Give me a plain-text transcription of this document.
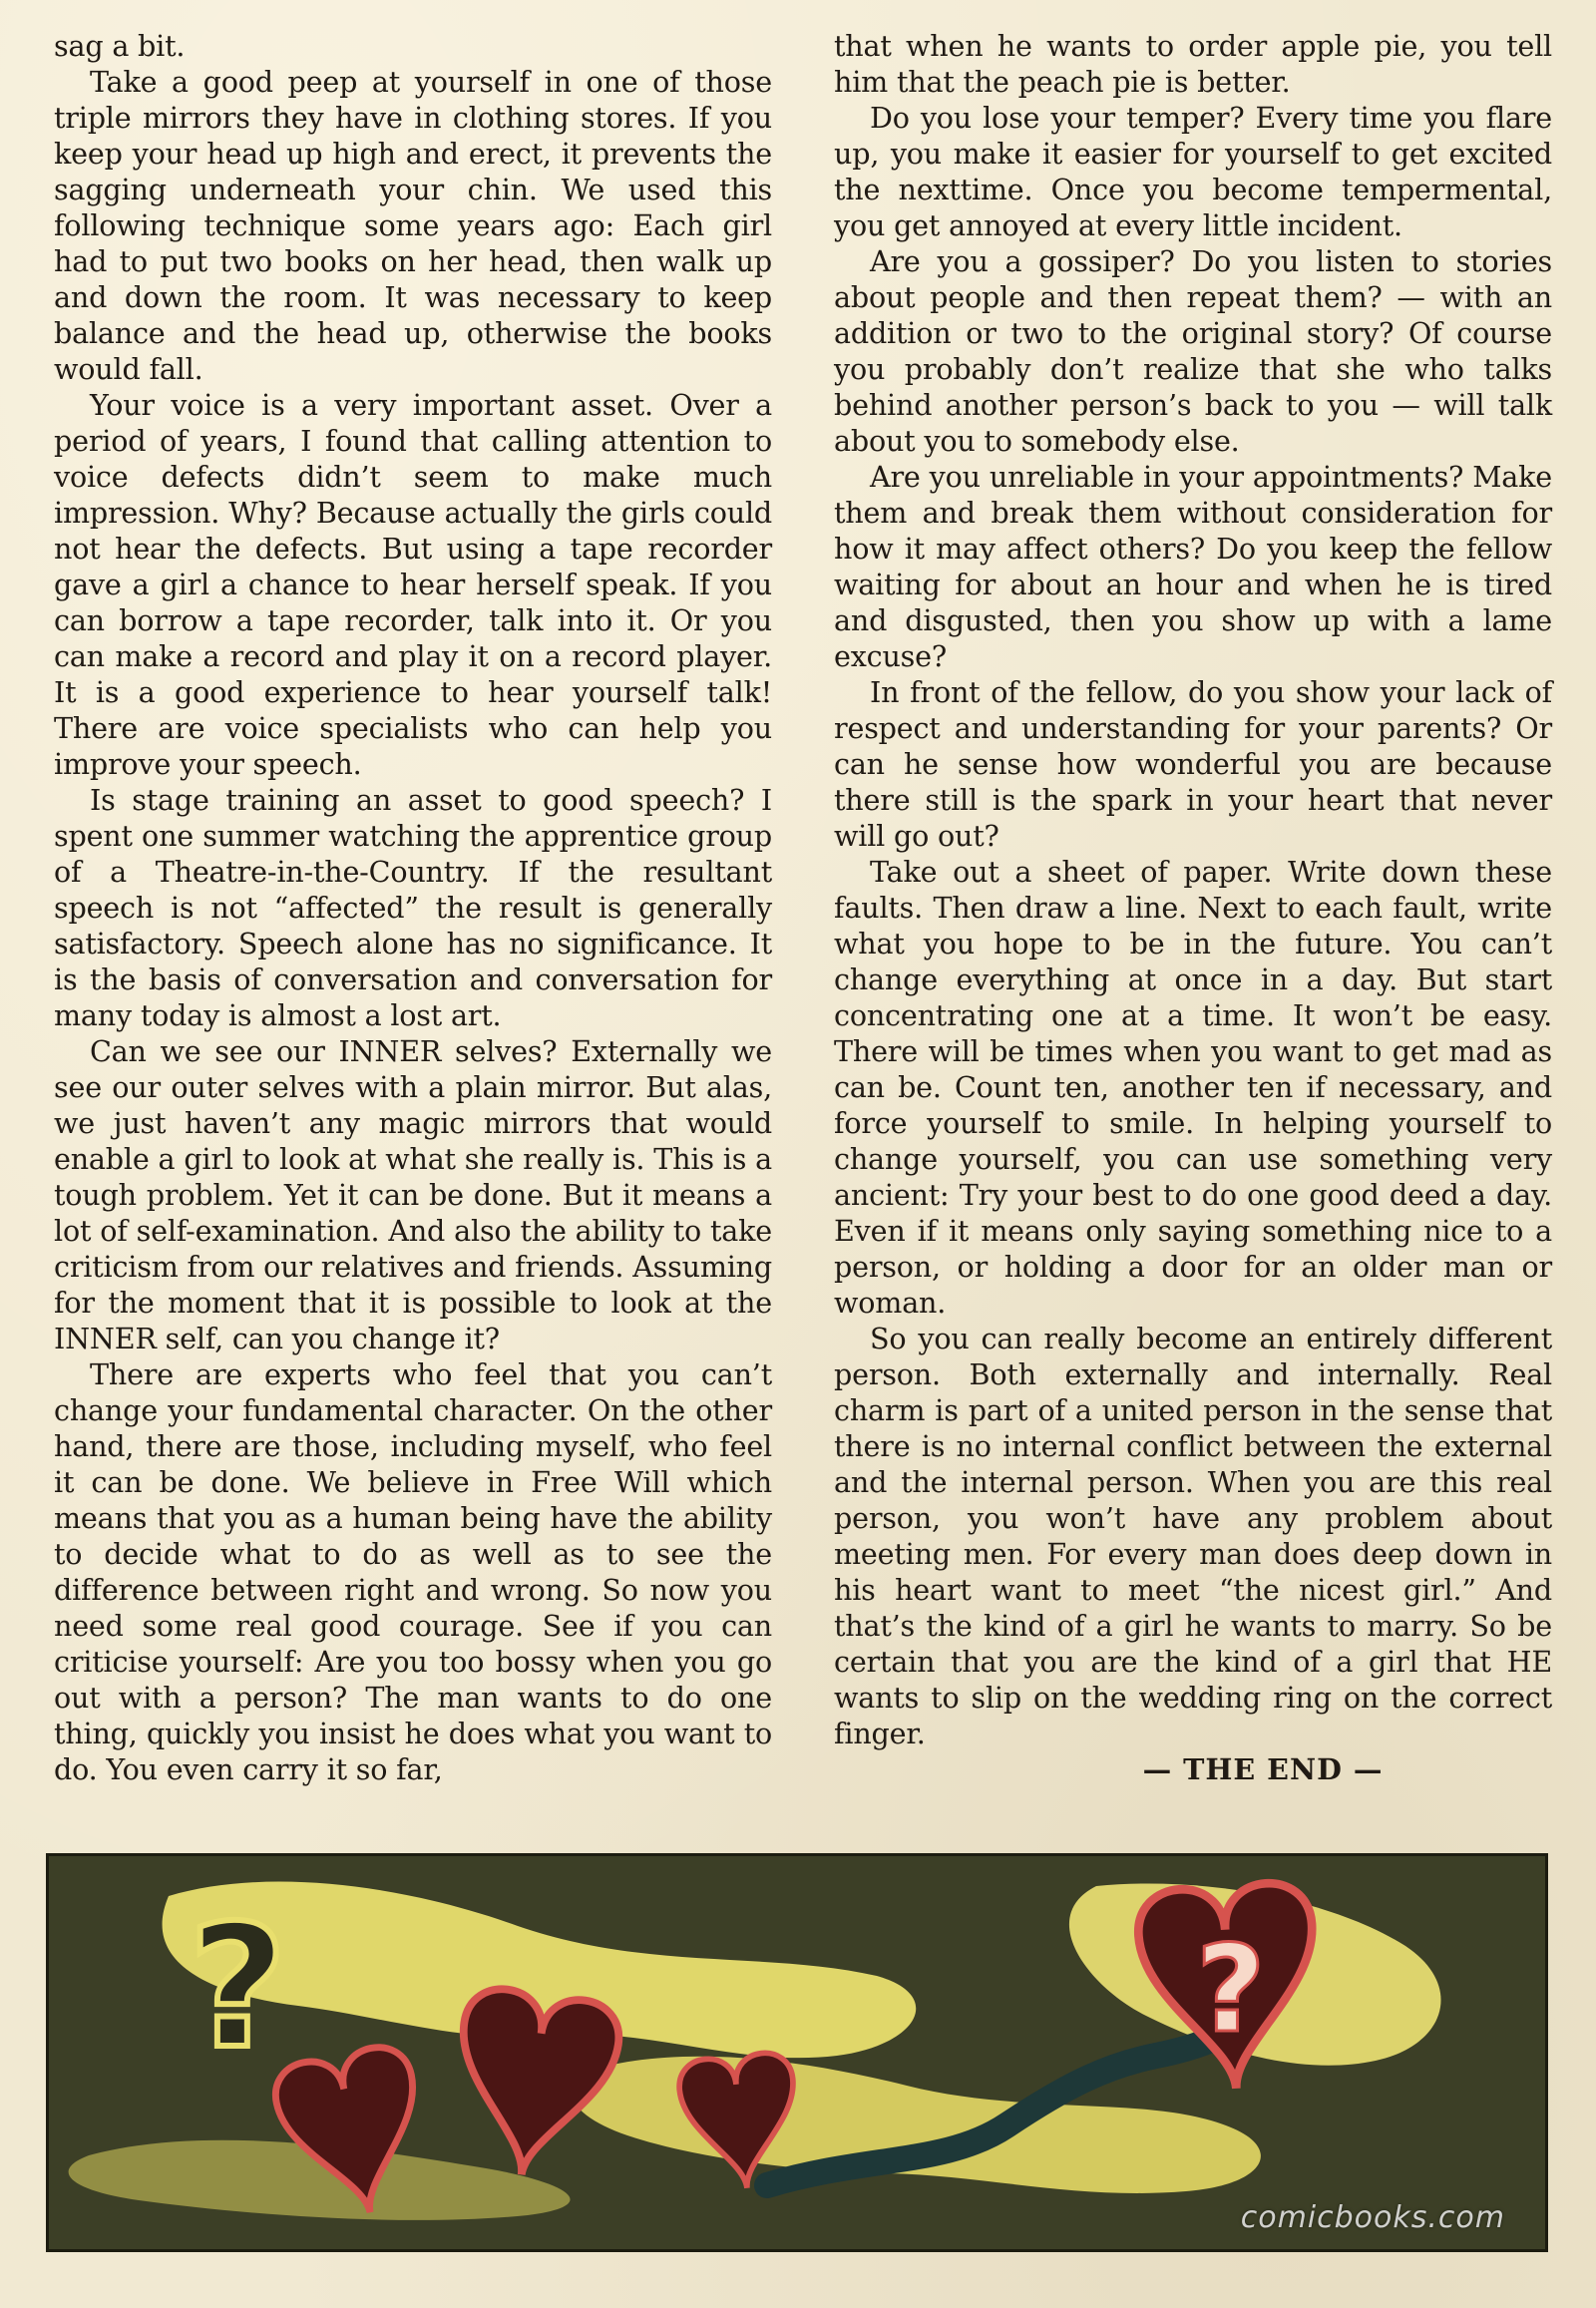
sag a bit.

Take a good peep at yourself in one of those triple mirrors they have in clothing stores. If you keep your head up high and erect, it prevents the sagging underneath your chin. We used this following technique some years ago: Each girl had to put two books on her head, then walk up and down the room. It was necessary to keep balance and the head up, otherwise the books would fall.

Your voice is a very important asset. Over a period of years, I found that calling attention to voice defects didn’t seem to make much impression. Why? Because actually the girls could not hear the defects. But using a tape recorder gave a girl a chance to hear herself speak. If you can borrow a tape recorder, talk into it. Or you can make a record and play it on a record player. It is a good experience to hear yourself talk! There are voice specialists who can help you improve your speech.

Is stage training an asset to good speech? I spent one summer watching the apprentice group of a Theatre-in-the-Country. If the resultant speech is not “affected” the result is generally satisfactory. Speech alone has no significance. It is the basis of conversation and conversation for many today is almost a lost art.

Can we see our INNER selves? Externally we see our outer selves with a plain mirror. But alas, we just haven’t any magic mirrors that would enable a girl to look at what she really is. This is a tough problem. Yet it can be done. But it means a lot of self-examination. And also the ability to take criticism from our relatives and friends. Assuming for the moment that it is possible to look at the INNER self, can you change it?

There are experts who feel that you can’t change your fundamental character. On the other hand, there are those, including myself, who feel it can be done. We believe in Free Will which means that you as a human being have the ability to decide what to do as well as to see the difference between right and wrong. So now you need some real good courage. See if you can criticise yourself: Are you too bossy when you go out with a person? The man wants to do one thing, quickly you insist he does what you want to do. You even carry it so far,

that when he wants to order apple pie, you tell him that the peach pie is better.

Do you lose your temper? Every time you flare up, you make it easier for yourself to get excited the nexttime. Once you become tempermental, you get annoyed at every little incident.

Are you a gossiper? Do you listen to stories about people and then repeat them? — with an addition or two to the original story? Of course you probably don’t realize that she who talks behind another person’s back to you — will talk about you to somebody else.

Are you unreliable in your appointments? Make them and break them without consideration for how it may affect others? Do you keep the fellow waiting for about an hour and when he is tired and disgusted, then you show up with a lame excuse?

In front of the fellow, do you show your lack of respect and understanding for your parents? Or can he sense how wonderful you are because there still is the spark in your heart that never will go out?

Take out a sheet of paper. Write down these faults. Then draw a line. Next to each fault, write what you hope to be in the future. You can’t change everything at once in a day. But start concentrating one at a time. It won’t be easy. There will be times when you want to get mad as can be. Count ten, another ten if necessary, and force yourself to smile. In helping yourself to change yourself, you can use something very ancient: Try your best to do one good deed a day. Even if it means only saying something nice to a person, or holding a door for an older man or woman.

So you can really become an entirely different person. Both externally and internally. Real charm is part of a united person in the sense that there is no internal conflict between the external and the internal person. When you are this real person, you won’t have any problem about meeting men. For every man does deep down in his heart want to meet “the nicest girl.” And that’s the kind of a girl he wants to marry. So be certain that you are the kind of a girl that HE wants to slip on the wedding ring on the correct finger.

— THE END —

?	?
comicbooks.com
